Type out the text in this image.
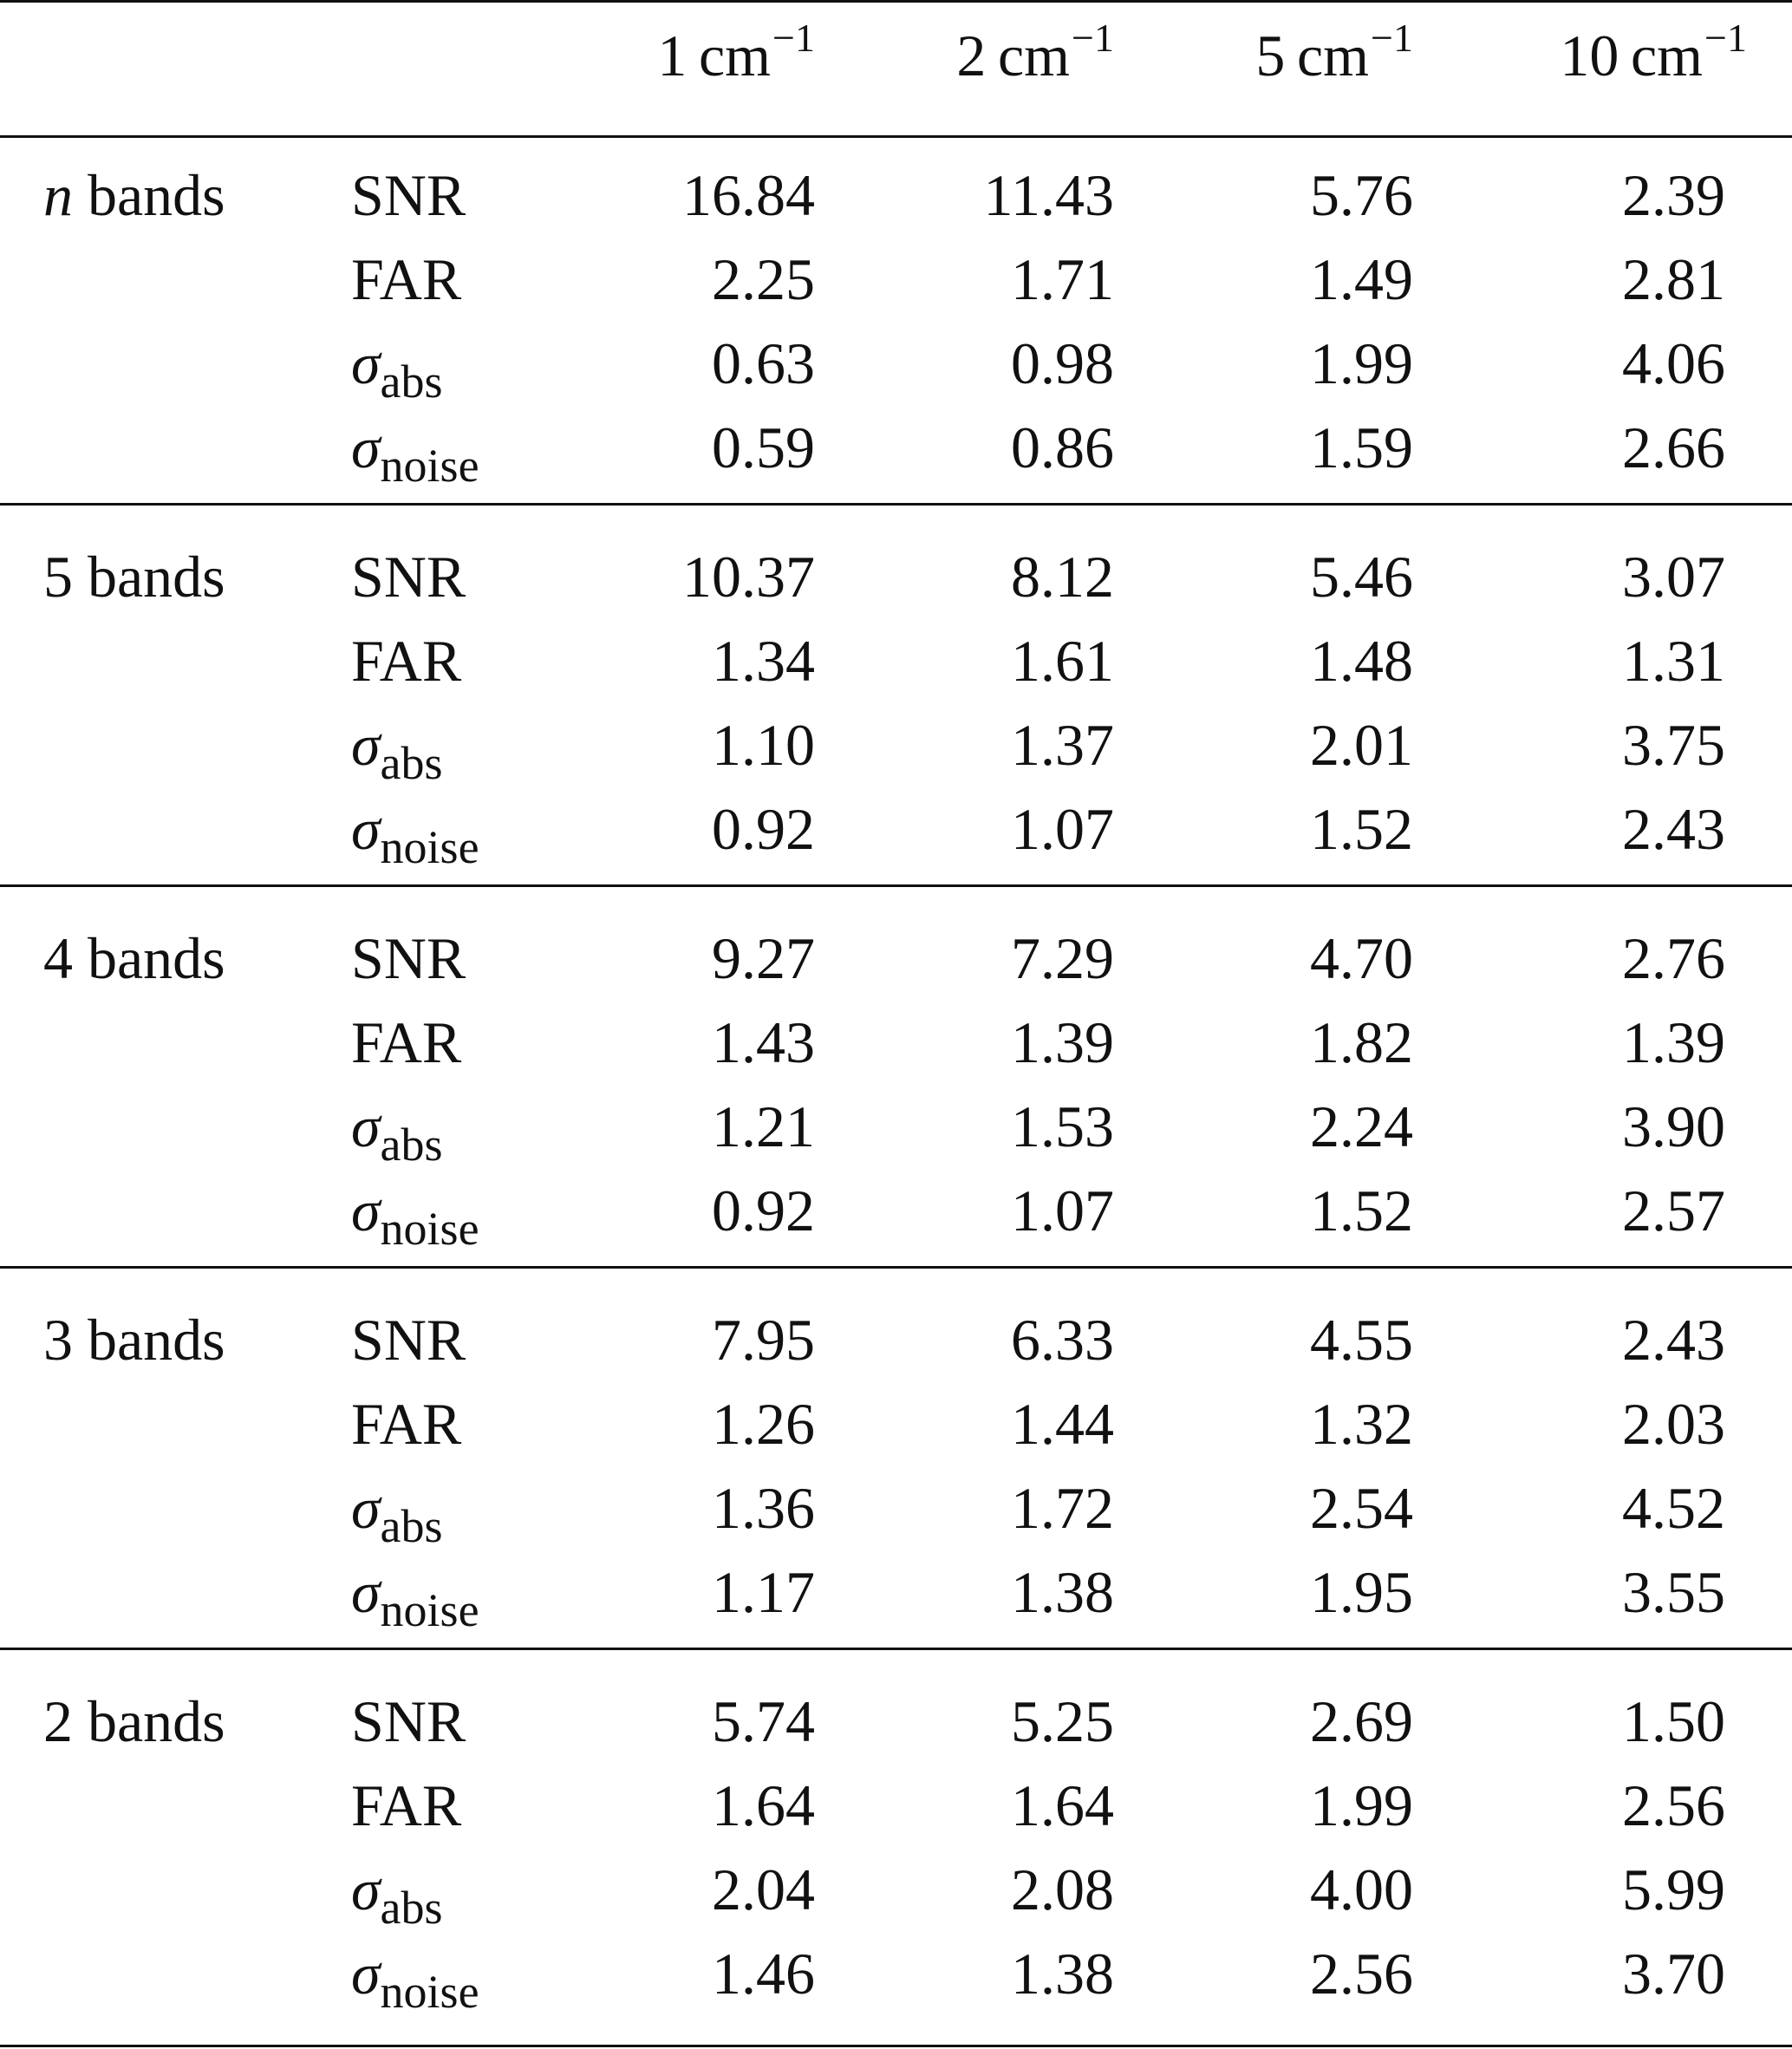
1  $cm^{-1}$	2  $cm^{-1}$	5  $cm^{-1}$	10  $cm^{-1}$
n bands SNR	16.84	11.43	5.76	2.39
FAR	2.25	1.71	1.49	2.81
$\sigma_{abs}$	0.63	0.98	1.99	4.06
$\sigma_{noise}$	0.59	0.86	1.59	2.66
5 bands SNR	10.37	8.12	5.46	3.07
FAR	1.34	1.61	1.48	1.31
$\sigma_{abs}$	1.10	1.37	2.01	3.75
$\sigma_{noise}$	0.92	1.07	1.52	2.43
4 bands SNR	9.27	7.29	4.70	2.76
FAR	1.43	1.39	1.82	1.39
$\sigma_{abs}$	1.21	1.53	2.24	3.90
$\sigma_{noise}$	0.92	1.07	1.52	2.57
3 bands SNR	7.95	6.33	4.55	2.43
FAR	1.26	1.44	1.32	2.03
$\sigma_{abs}$	1.36	1.72	2.54	4.52
$\sigma_{noise}$	1.17	1.38	1.95	3.55
2 bands SNR	5.74	5.25	2.69	1.50
FAR	1.64	1.64	1.99	2.56
$\sigma_{abs}$	2.04	2.08	4.00	5.99
$\sigma_{noise}$	1.46	1.38	2.56	3.70
